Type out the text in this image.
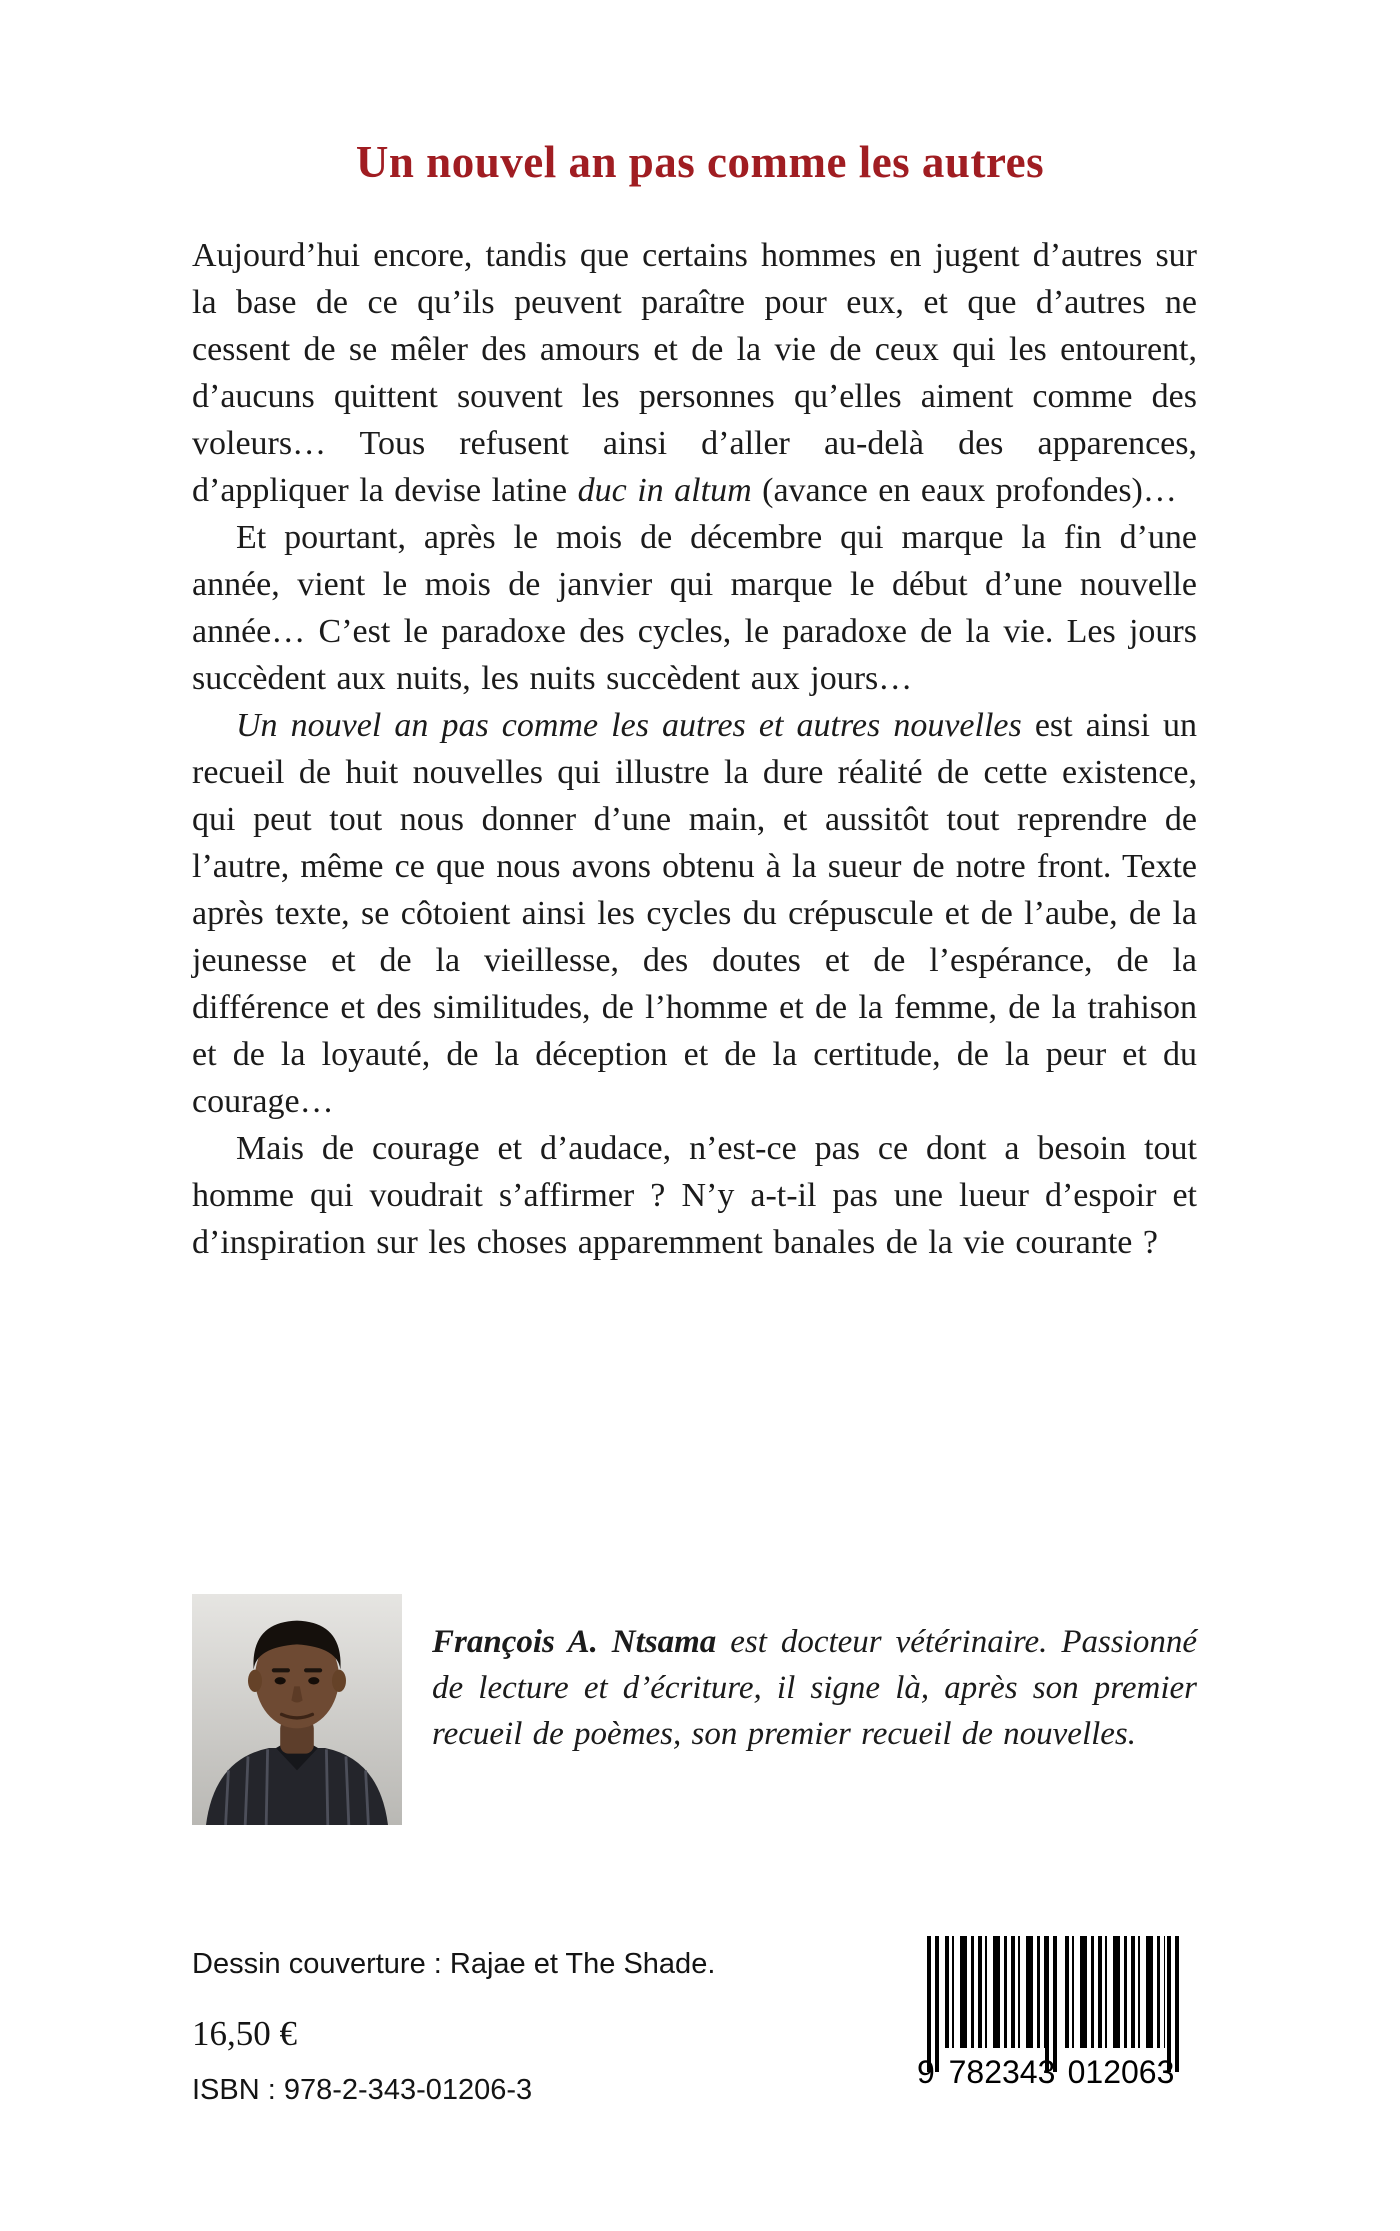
Un nouvel an pas comme les autres

Aujourd’hui encore, tandis que certains hommes en jugent d’autres sur la base de ce qu’ils peuvent paraître pour eux, et que d’autres ne cessent de se mêler des amours et de la vie de ceux qui les entourent, d’aucuns quittent souvent les personnes qu’elles aiment comme des voleurs… Tous refusent ainsi d’aller au-delà des apparences, d’appliquer la devise latine duc in altum (avance en eaux profondes)…

Et pourtant, après le mois de décembre qui marque la fin d’une année, vient le mois de janvier qui marque le début d’une nouvelle année… C’est le paradoxe des cycles, le paradoxe de la vie. Les jours succèdent aux nuits, les nuits succèdent aux jours…

Un nouvel an pas comme les autres et autres nouvelles est ainsi un recueil de huit nouvelles qui illustre la dure réalité de cette existence, qui peut tout nous donner d’une main, et aussitôt tout reprendre de l’autre, même ce que nous avons obtenu à la sueur de notre front. Texte après texte, se côtoient ainsi les cycles du crépuscule et de l’aube, de la jeunesse et de la vieillesse, des doutes et de l’espérance, de la différence et des similitudes, de l’homme et de la femme, de la trahison et de la loyauté, de la déception et de la certitude, de la peur et du courage…

Mais de courage et d’audace, n’est-ce pas ce dont a besoin tout homme qui voudrait s’affirmer ? N’y a-t-il pas une lueur d’espoir et d’inspiration sur les choses apparemment banales de la vie courante ?

François A. Ntsama est docteur vétérinaire. Passionné de lecture et d’écriture, il signe là, après son premier recueil de poèmes, son premier recueil de nouvelles.

Dessin couverture : Rajae et The Shade.
16,50 €
ISBN : 978-2-343-01206-3	9 782343 012063
